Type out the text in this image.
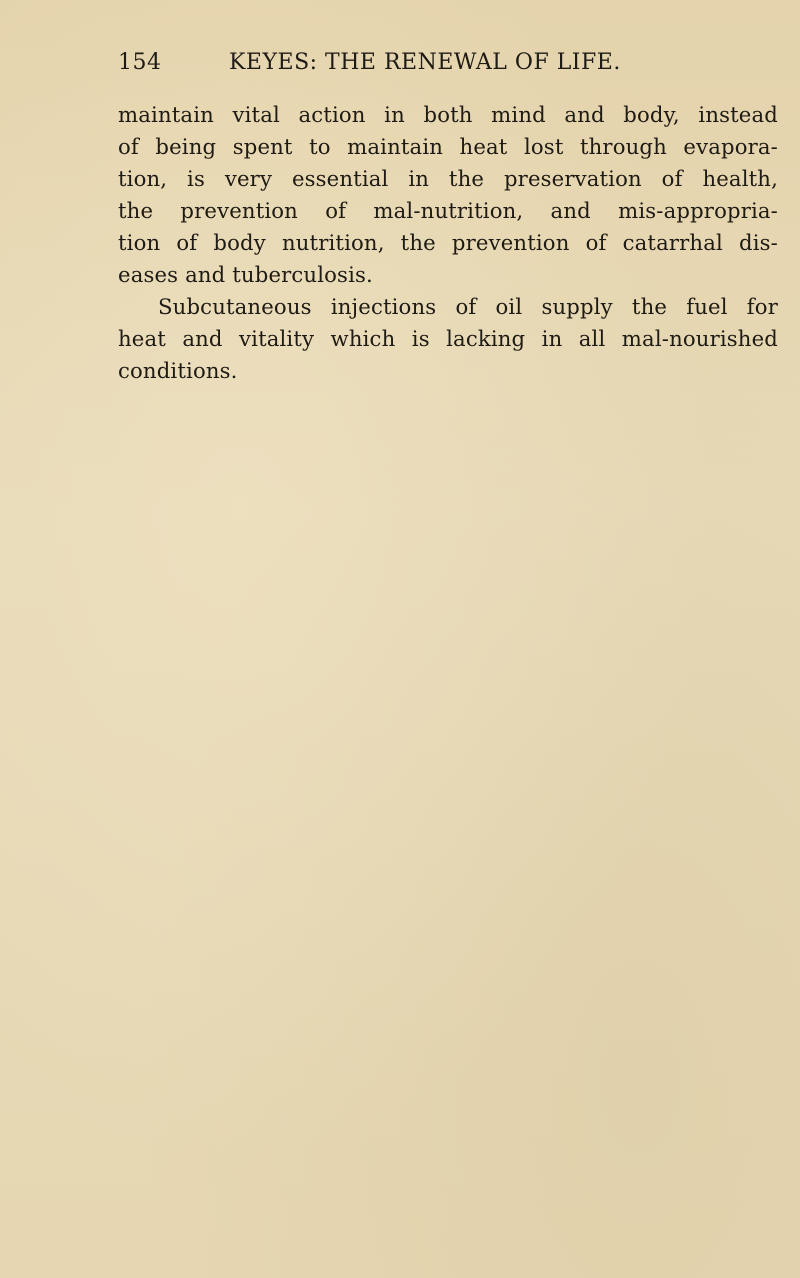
154	KEYES: THE RENEWAL OF LIFE.
maintain vital action in both mind and body, instead
of being spent to maintain heat lost through evapora-
tion, is very essential in the preservation of health,
the prevention of mal-nutrition, and mis-appropria-
tion of body nutrition, the prevention of catarrhal dis-
eases and tuberculosis.
Subcutaneous injections of oil supply the fuel for
heat and vitality which is lacking in all mal-nourished
conditions.
